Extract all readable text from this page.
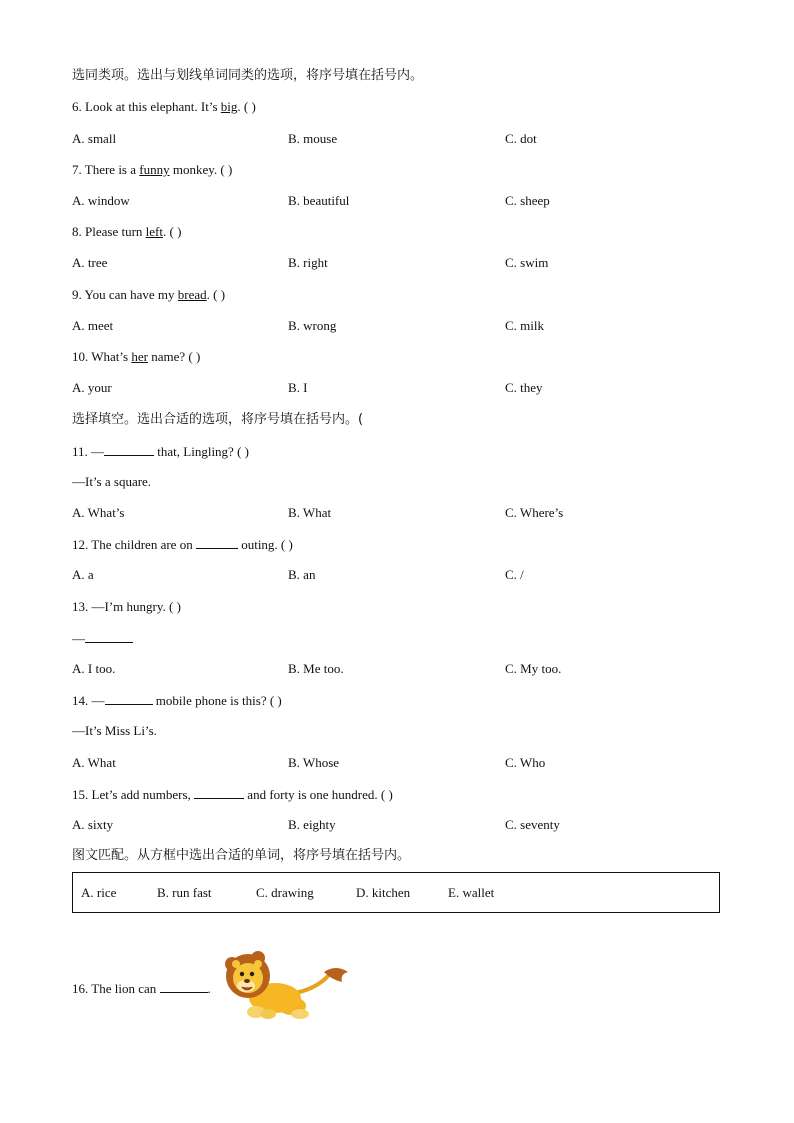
选同类项。选出与划线单词同类的选项，将序号填在括号内。
6. Look at this elephant. It’s big. ( )
A. small	B. mouse	C. dot
7. There is a funny monkey. ( )
A. window	B. beautiful	C. sheep
8. Please turn left. ( )
A. tree	B. right	C. swim
9. You can have my bread. ( )
A. meet	B. wrong	C. milk
10. What’s her name? ( )
A. your	B. I	C. they
选择填空。选出合适的选项，将序号填在括号内。(
11. —	that, Lingling? ( )
—It’s a square.
A. What’s	B. What	C. Where’s
12. The children are on	outing. ( )
A. a	B. an	C. /
13. —I’m hungry. ( )
—
A. I too.	B. Me too.	C. My too.
14. —	mobile phone is this? ( )
—It’s Miss Li’s.
A. What	B. Whose	C. Who
15. Let’s add numbers,	and forty is one hundred. ( )
A. sixty	B. eighty	C. seventy
图文匹配。从方框中选出合适的单词，将序号填在括号内。
A. rice	B. run fast	C. drawing	D. kitchen	E. wallet
16. The lion can	.
